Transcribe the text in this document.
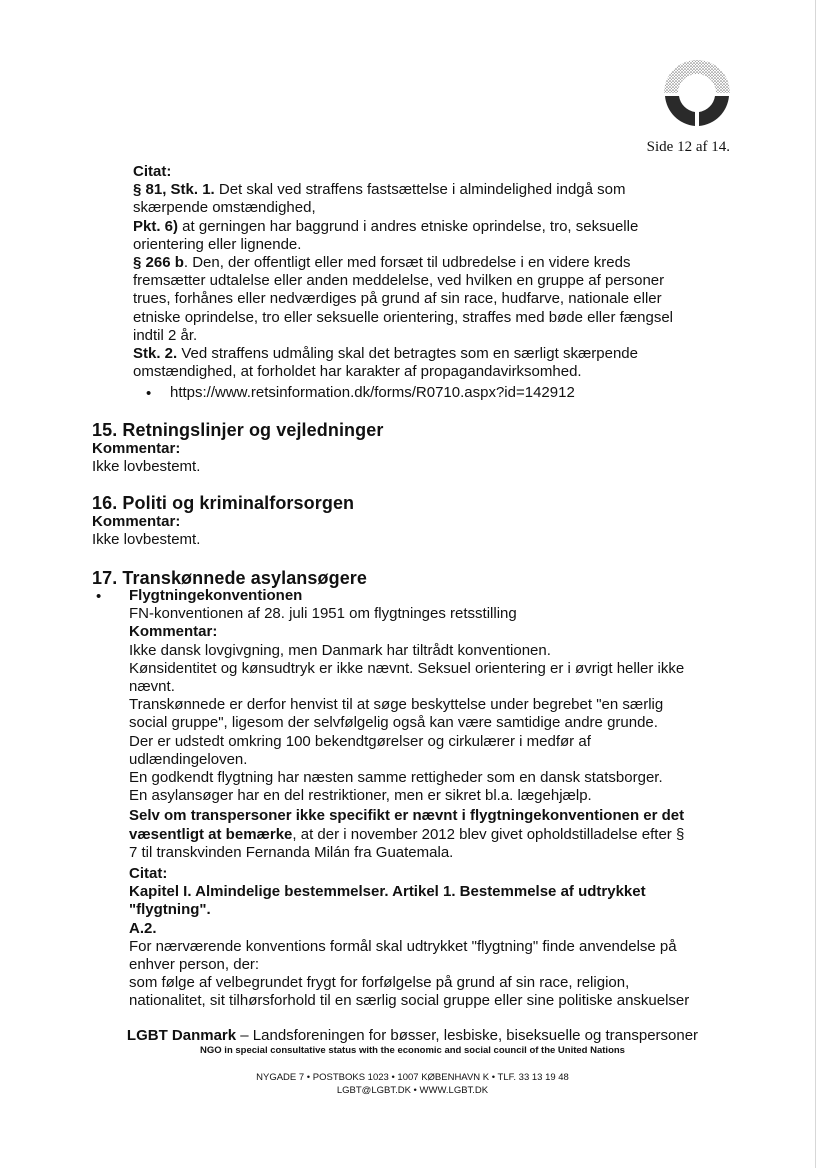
Side 12 af 14.
Citat:
§ 81, Stk. 1. Det skal ved straffens fastsættelse i almindelighed indgå som
skærpende omstændighed,
Pkt. 6) at gerningen har baggrund i andres etniske oprindelse, tro, seksuelle
orientering eller lignende.
§ 266 b. Den, der offentligt eller med forsæt til udbredelse i en videre kreds
fremsætter udtalelse eller anden meddelelse, ved hvilken en gruppe af personer
trues, forhånes eller nedværdiges på grund af sin race, hudfarve, nationale eller
etniske oprindelse, tro eller seksuelle orientering, straffes med bøde eller fængsel
indtil 2 år.
Stk. 2. Ved straffens udmåling skal det betragtes som en særligt skærpende
omstændighed, at forholdet har karakter af propagandavirksomhed.
• https://www.retsinformation.dk/forms/R0710.aspx?id=142912
15. Retningslinjer og vejledninger
Kommentar:
Ikke lovbestemt.
16. Politi og kriminalforsorgen
Kommentar:
Ikke lovbestemt.
17. Transkønnede asylansøgere
• Flygtningekonventionen
FN-konventionen af 28. juli 1951 om flygtninges retsstilling
Kommentar:
Ikke dansk lovgivgning, men Danmark har tiltrådt konventionen.
Kønsidentitet og kønsudtryk er ikke nævnt. Seksuel orientering er i øvrigt heller ikke
nævnt.
Transkønnede er derfor henvist til at søge beskyttelse under begrebet "en særlig
social gruppe", ligesom der selvfølgelig også kan være samtidige andre grunde.
Der er udstedt omkring 100 bekendtgørelser og cirkulærer i medfør af
udlændingeloven.
En godkendt flygtning har næsten samme rettigheder som en dansk statsborger.
En asylansøger har en del restriktioner, men er sikret bl.a. lægehjælp.
Selv om transpersoner ikke specifikt er nævnt i flygtningekonventionen er det
væsentligt at bemærke, at der i november 2012 blev givet opholdstilladelse efter §
7 til transkvinden Fernanda Milán fra Guatemala.
Citat:
Kapitel I. Almindelige bestemmelser. Artikel 1. Bestemmelse af udtrykket
"flygtning".
A.2.
For nærværende konventions formål skal udtrykket "flygtning" finde anvendelse på
enhver person, der:
som følge af velbegrundet frygt for forfølgelse på grund af sin race, religion,
nationalitet, sit tilhørsforhold til en særlig social gruppe eller sine politiske anskuelser
LGBT Danmark – Landsforeningen for bøsser, lesbiske, biseksuelle og transpersoner
NGO in special consultative status with the economic and social council of the United Nations
NYGADE 7 • POSTBOKS 1023 • 1007 KØBENHAVN K • TLF. 33 13 19 48
LGBT@LGBT.DK • WWW.LGBT.DK
